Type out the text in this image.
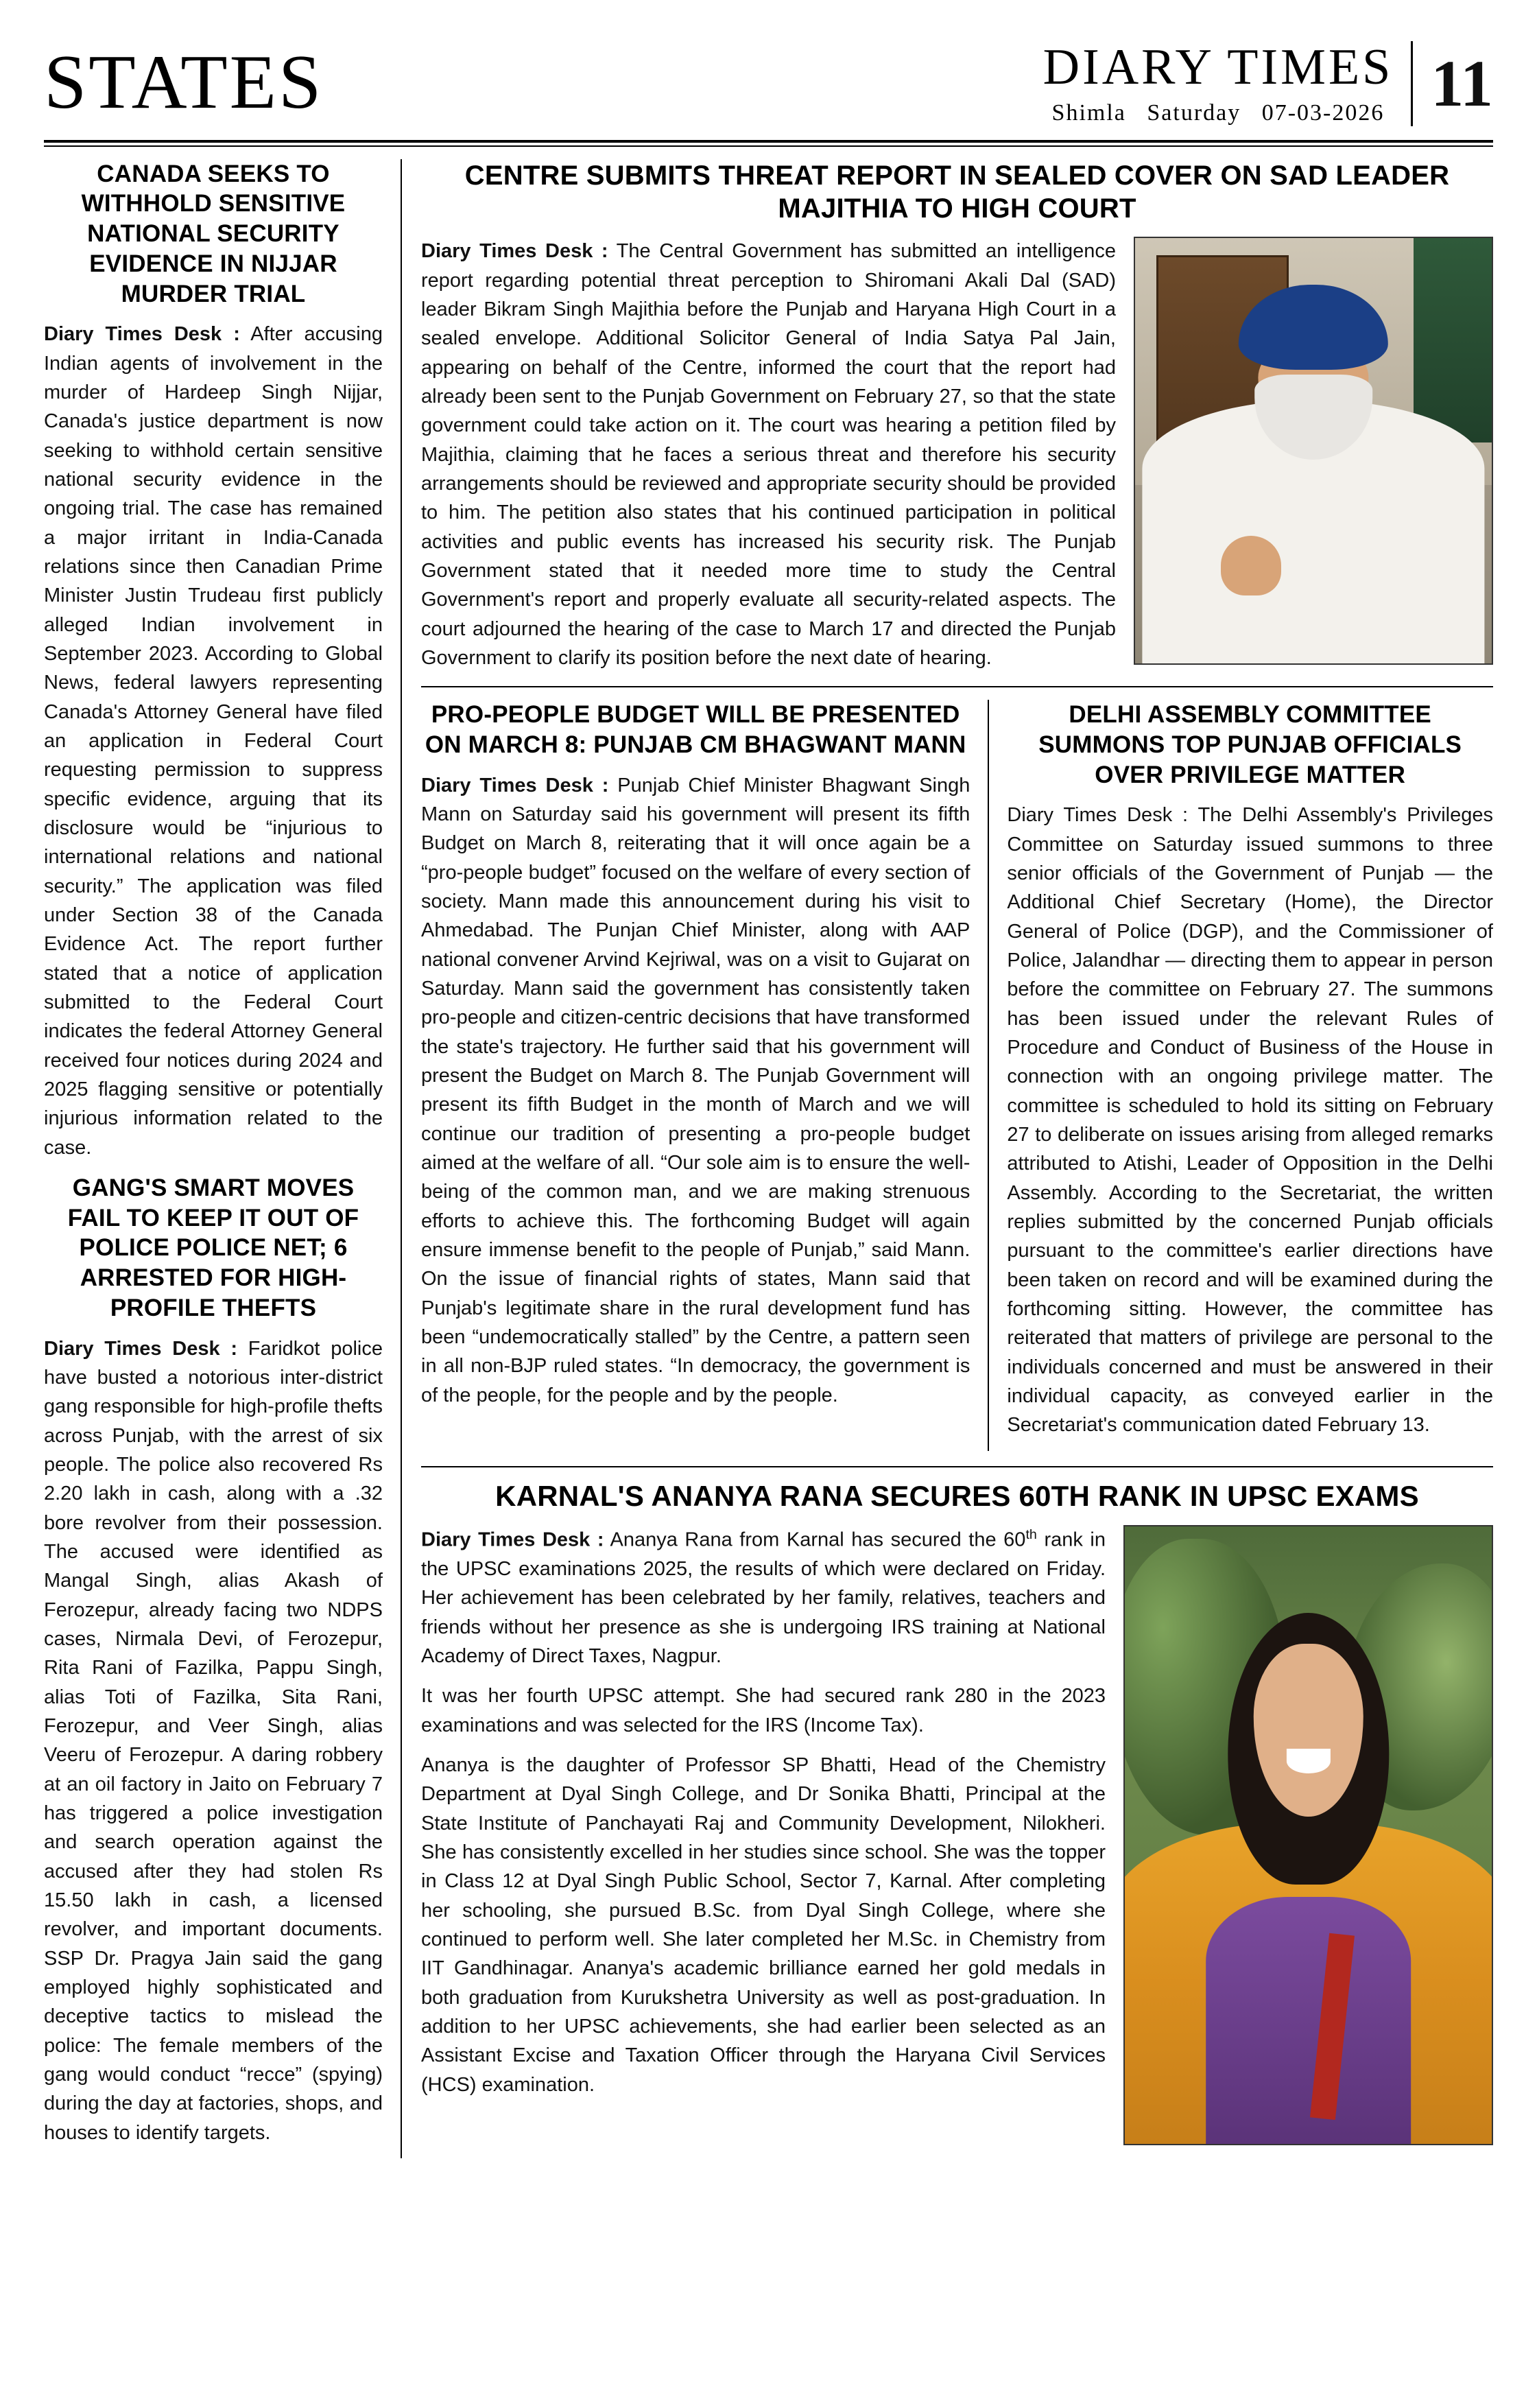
STATES	DIARY TIMES
Shimla Saturday 07-03-2026 11
CANADA SEEKS TO WITHHOLD SENSITIVE NATIONAL SECURITY EVIDENCE IN NIJJAR MURDER TRIAL

Diary Times Desk : After accusing Indian agents of involvement in the murder of Hardeep Singh Nijjar, Canada's justice department is now seeking to withhold certain sensitive national security evidence in the ongoing trial. The case has remained a major irritant in India-Canada relations since then Canadian Prime Minister Justin Trudeau first publicly alleged Indian involvement in September 2023. According to Global News, federal lawyers representing Canada's Attorney General have filed an application in Federal Court requesting permission to suppress specific evidence, arguing that its disclosure would be “injurious to international relations and national security.” The application was filed under Section 38 of the Canada Evidence Act. The report further stated that a notice of application submitted to the Federal Court indicates the federal Attorney General received four notices during 2024 and 2025 flagging sensitive or potentially injurious information related to the case.

GANG'S SMART MOVES FAIL TO KEEP IT OUT OF POLICE POLICE NET; 6 ARRESTED FOR HIGH-PROFILE THEFTS

Diary Times Desk : Faridkot police have busted a notorious inter-district gang responsible for high-profile thefts across Punjab, with the arrest of six people. The police also recovered Rs 2.20 lakh in cash, along with a .32 bore revolver from their possession. The accused were identified as Mangal Singh, alias Akash of Ferozepur, already facing two NDPS cases, Nirmala Devi, of Ferozepur, Rita Rani of Fazilka, Pappu Singh, alias Toti of Fazilka, Sita Rani, Ferozepur, and Veer Singh, alias Veeru of Ferozepur. A daring robbery at an oil factory in Jaito on February 7 has triggered a police investigation and search operation against the accused after they had stolen Rs 15.50 lakh in cash, a licensed revolver, and important documents. SSP Dr. Pragya Jain said the gang employed highly sophisticated and deceptive tactics to mislead the police: The female members of the gang would conduct “recce” (spying) during the day at factories, shops, and houses to identify targets.

CENTRE SUBMITS THREAT REPORT IN SEALED COVER ON SAD LEADER MAJITHIA TO HIGH COURT

Diary Times Desk : The Central Government has submitted an intelligence report regarding potential threat perception to Shiromani Akali Dal (SAD) leader Bikram Singh Majithia before the Punjab and Haryana High Court in a sealed envelope. Additional Solicitor General of India Satya Pal Jain, appearing on behalf of the Centre, informed the court that the report had already been sent to the Punjab Government on February 27, so that the state government could take action on it. The court was hearing a petition filed by Majithia, claiming that he faces a serious threat and therefore his security arrangements should be reviewed and appropriate security should be provided to him. The petition also states that his continued participation in political activities and public events has increased his security risk. The Punjab Government stated that it needed more time to study the Central Government's report and properly evaluate all security-related aspects. The court adjourned the hearing of the case to March 17 and directed the Punjab Government to clarify its position before the next date of hearing.

PRO-PEOPLE BUDGET WILL BE PRESENTED ON MARCH 8: PUNJAB CM BHAGWANT MANN

Diary Times Desk : Punjab Chief Minister Bhagwant Singh Mann on Saturday said his government will present its fifth Budget on March 8, reiterating that it will once again be a “pro-people budget” focused on the welfare of every section of society. Mann made this announcement during his visit to Ahmedabad. The Punjan Chief Minister, along with AAP national convener Arvind Kejriwal, was on a visit to Gujarat on Saturday. Mann said the government has consistently taken pro-people and citizen-centric decisions that have transformed the state's trajectory. He further said that his government will present the Budget on March 8. The Punjab Government will present its fifth Budget in the month of March and we will continue our tradition of presenting a pro-people budget aimed at the welfare of all. “Our sole aim is to ensure the well-being of the common man, and we are making strenuous efforts to achieve this. The forthcoming Budget will again ensure immense benefit to the people of Punjab,” said Mann. On the issue of financial rights of states, Mann said that Punjab's legitimate share in the rural development fund has been “undemocratically stalled” by the Centre, a pattern seen in all non-BJP ruled states. “In democracy, the government is of the people, for the people and by the people.

DELHI ASSEMBLY COMMITTEE SUMMONS TOP PUNJAB OFFICIALS OVER PRIVILEGE MATTER

Diary Times Desk : The Delhi Assembly's Privileges Committee on Saturday issued summons to three senior officials of the Government of Punjab — the Additional Chief Secretary (Home), the Director General of Police (DGP), and the Commissioner of Police, Jalandhar — directing them to appear in person before the committee on February 27. The summons has been issued under the relevant Rules of Procedure and Conduct of Business of the House in connection with an ongoing privilege matter. The committee is scheduled to hold its sitting on February 27 to deliberate on issues arising from alleged remarks attributed to Atishi, Leader of Opposition in the Delhi Assembly. According to the Secretariat, the written replies submitted by the concerned Punjab officials pursuant to the committee's earlier directions have been taken on record and will be examined during the forthcoming sitting. However, the committee has reiterated that matters of privilege are personal to the individuals concerned and must be answered in their individual capacity, as conveyed earlier in the Secretariat's communication dated February 13.

KARNAL'S ANANYA RANA SECURES 60TH RANK IN UPSC EXAMS

Diary Times Desk : Ananya Rana from Karnal has secured the 60th rank in the UPSC examinations 2025, the results of which were declared on Friday. Her achievement has been celebrated by her family, relatives, teachers and friends without her presence as she is undergoing IRS training at National Academy of Direct Taxes, Nagpur.

It was her fourth UPSC attempt. She had secured rank 280 in the 2023 examinations and was selected for the IRS (Income Tax).

Ananya is the daughter of Professor SP Bhatti, Head of the Chemistry Department at Dyal Singh College, and Dr Sonika Bhatti, Principal at the State Institute of Panchayati Raj and Community Development, Nilokheri. She has consistently excelled in her studies since school. She was the topper in Class 12 at Dyal Singh Public School, Sector 7, Karnal. After completing her schooling, she pursued B.Sc. from Dyal Singh College, where she continued to perform well. She later completed her M.Sc. in Chemistry from IIT Gandhinagar. Ananya's academic brilliance earned her gold medals in both graduation from Kurukshetra University as well as post-graduation. In addition to her UPSC achievements, she had earlier been selected as an Assistant Excise and Taxation Officer through the Haryana Civil Services (HCS) examination.
